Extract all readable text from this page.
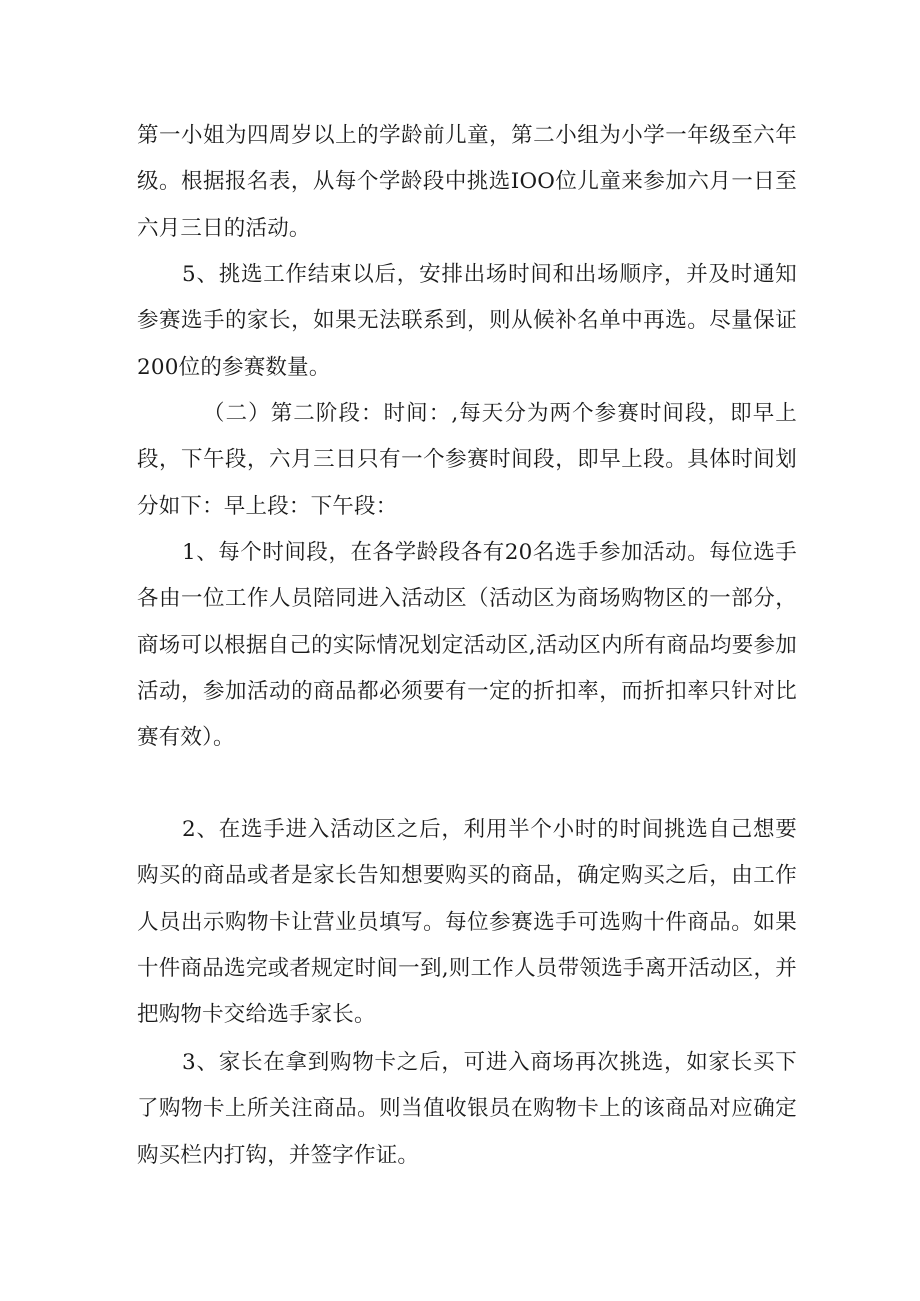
第一小姐为四周岁以上的学龄前儿童，第二小组为小学一年级至六年级。根据报名表，从每个学龄段中挑选IOO位儿童来参加六月一日至六月三日的活动。

5、挑选工作结束以后，安排出场时间和出场顺序，并及时通知参赛选手的家长，如果无法联系到，则从候补名单中再选。尽量保证200位的参赛数量。

（二）第二阶段：时间：,每天分为两个参赛时间段，即早上段，下午段，六月三日只有一个参赛时间段，即早上段。具体时间划分如下：早上段：下午段：

1、每个时间段，在各学龄段各有20名选手参加活动。每位选手各由一位工作人员陪同进入活动区（活动区为商场购物区的一部分，商场可以根据自己的实际情况划定活动区,活动区内所有商品均要参加活动，参加活动的商品都必须要有一定的折扣率，而折扣率只针对比赛有效）。

2、在选手进入活动区之后，利用半个小时的时间挑选自己想要购买的商品或者是家长告知想要购买的商品，确定购买之后，由工作人员出示购物卡让营业员填写。每位参赛选手可选购十件商品。如果十件商品选完或者规定时间一到,则工作人员带领选手离开活动区，并把购物卡交给选手家长。

3、家长在拿到购物卡之后，可进入商场再次挑选，如家长买下了购物卡上所关注商品。则当值收银员在购物卡上的该商品对应确定购买栏内打钩，并签字作证。
